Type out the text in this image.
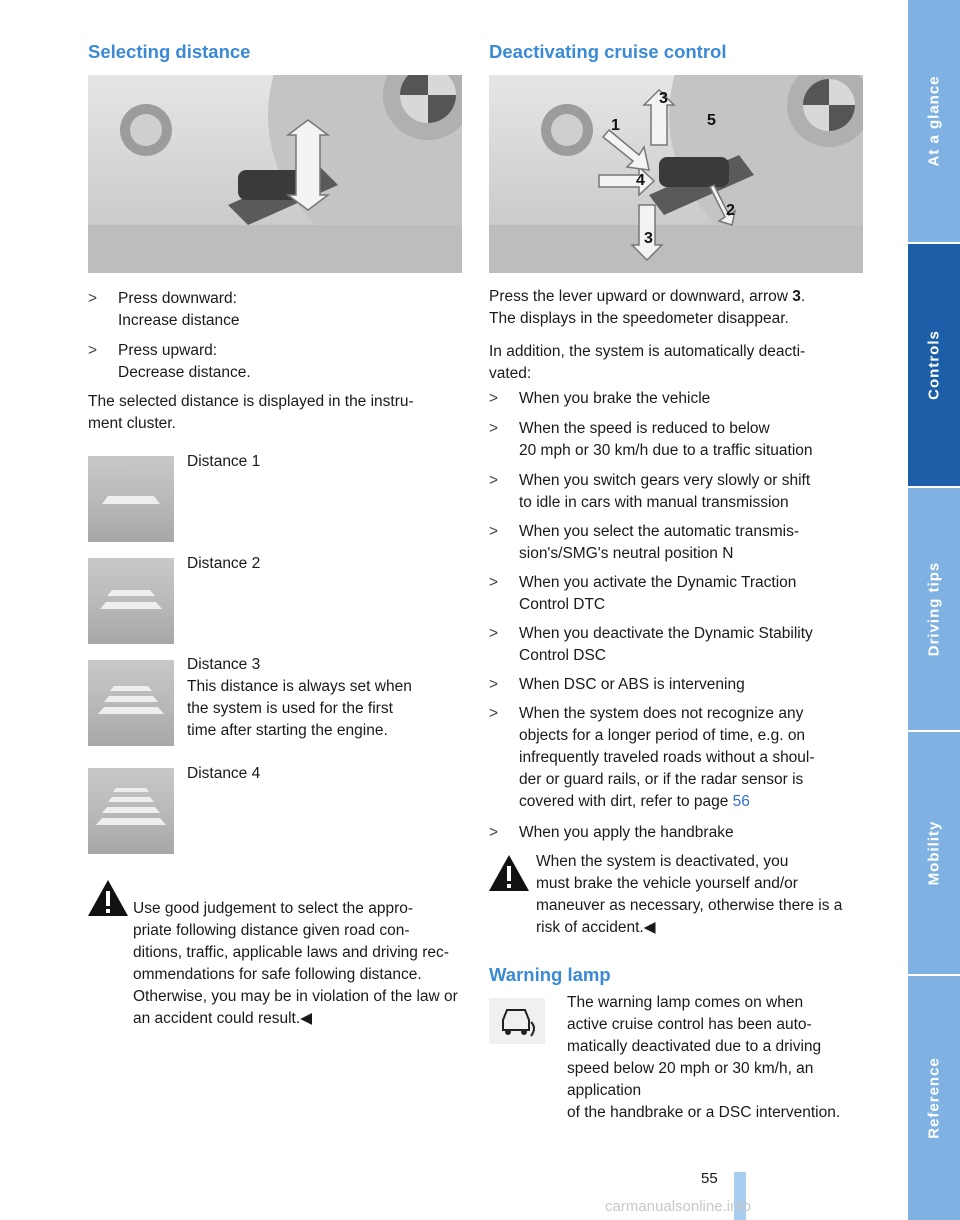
Selecting distance
> Press downward:
Increase distance
> Press upward:
Decrease distance.
The selected distance is displayed in the instru-
ment cluster.
Distance 1
Distance 2
Distance 3
This distance is always set when
the system is used for the first
time after starting the engine.
Distance 4

Use good judgement to select the appro-
priate following distance given road con-
ditions, traffic, applicable laws and driving rec-
ommendations for safe following distance.
Otherwise, you may be in violation of the law or
an accident could result.◀

Deactivating cruise control
1
2
3
3
4
5
Press the lever upward or downward, arrow 3.
The displays in the speedometer disappear.
In addition, the system is automatically deacti-
vated:
> When you brake the vehicle
> When the speed is reduced to below
20 mph or 30 km/h due to a traffic situation
> When you switch gears very slowly or shift
to idle in cars with manual transmission
> When you select the automatic transmis-
sion's/SMG's neutral position N
> When you activate the Dynamic Traction
Control DTC
> When you deactivate the Dynamic Stability
Control DSC
> When DSC or ABS is intervening
> When the system does not recognize any
objects for a longer period of time, e.g. on
infrequently traveled roads without a shoul-
der or guard rails, or if the radar sensor is
covered with dirt, refer to page 56
> When you apply the handbrake
When the system is deactivated, you
must brake the vehicle yourself and/or
maneuver as necessary, otherwise there is a
risk of accident.◀
Warning lamp
The warning lamp comes on when
active cruise control has been auto-
matically deactivated due to a driving
speed below 20 mph or 30 km/h, an application
of the handbrake or a DSC intervention.
At a glance
Controls
Driving tips
Mobility
Reference
55
carmanualsonline.info
